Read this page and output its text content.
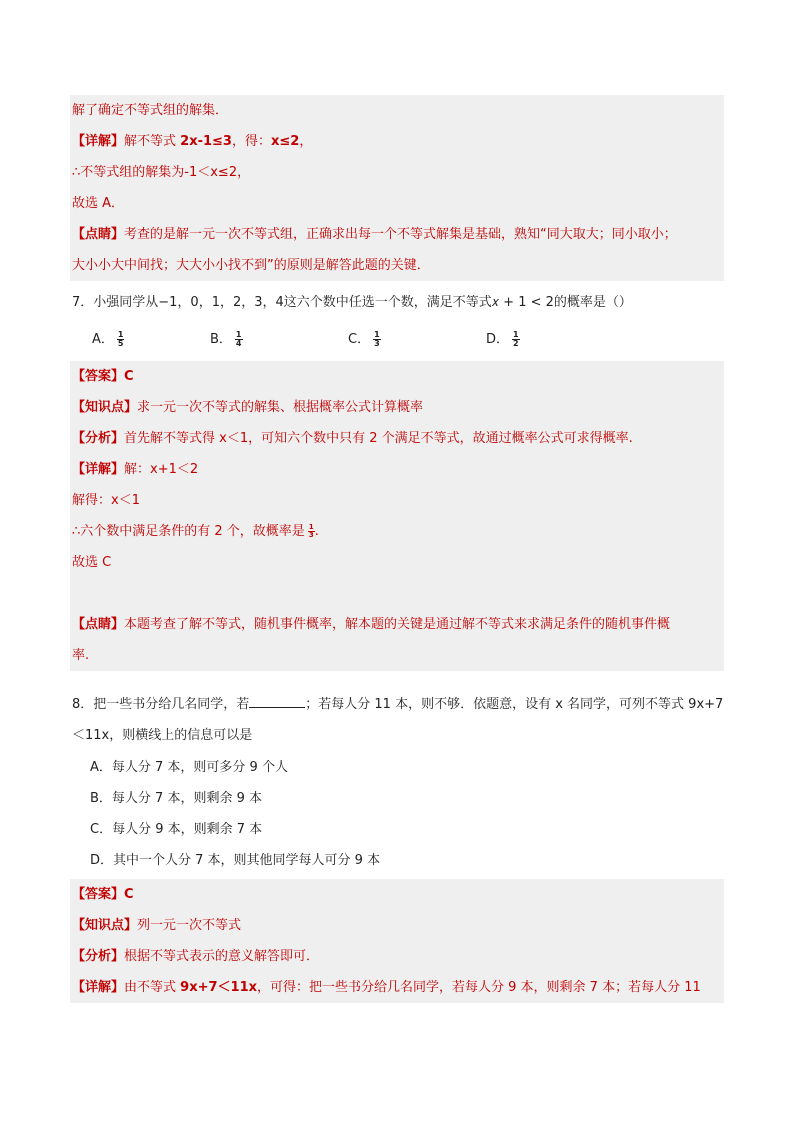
解了确定不等式组的解集．
【详解】解不等式 2x-1≤3，得：x≤2，
∴不等式组的解集为-1＜x≤2，
故选 A．
【点睛】考查的是解一元一次不等式组，正确求出每一个不等式解集是基础，熟知“同大取大；同小取小；
大小小大中间找；大大小小找不到”的原则是解答此题的关键．
7．小强同学从−1，0，1，2，3，4这六个数中任选一个数，满足不等式𝑥 + 1 < 2的概率是（）
A． $\frac{1}{5}$	B． $\frac{1}{4}$	C． $\frac{1}{3}$	D． $\frac{1}{2}$
【答案】C
【知识点】求一元一次不等式的解集、根据概率公式计算概率
【分析】首先解不等式得 x＜1，可知六个数中只有 2 个满足不等式，故通过概率公式可求得概率.
【详解】解：x+1＜2
解得：x＜1
∴六个数中满足条件的有 2 个，故概率是 $\frac{1}{3}$ .
故选 C
【点睛】本题考查了解不等式，随机事件概率，解本题的关键是通过解不等式来求满足条件的随机事件概
率.
8．把一些书分给几名同学，若	；若每人分 11 本，则不够．依题意，设有 x 名同学，可列不等式 9x+7
＜11x，则横线上的信息可以是
A．每人分 7 本，则可多分 9 个人
B．每人分 7 本，则剩余 9 本
C．每人分 9 本，则剩余 7 本
D．其中一个人分 7 本，则其他同学每人可分 9 本
【答案】C
【知识点】列一元一次不等式
【分析】根据不等式表示的意义解答即可．
【详解】由不等式 9x+7＜11x，可得：把一些书分给几名同学，若每人分 9 本，则剩余 7 本；若每人分 11
